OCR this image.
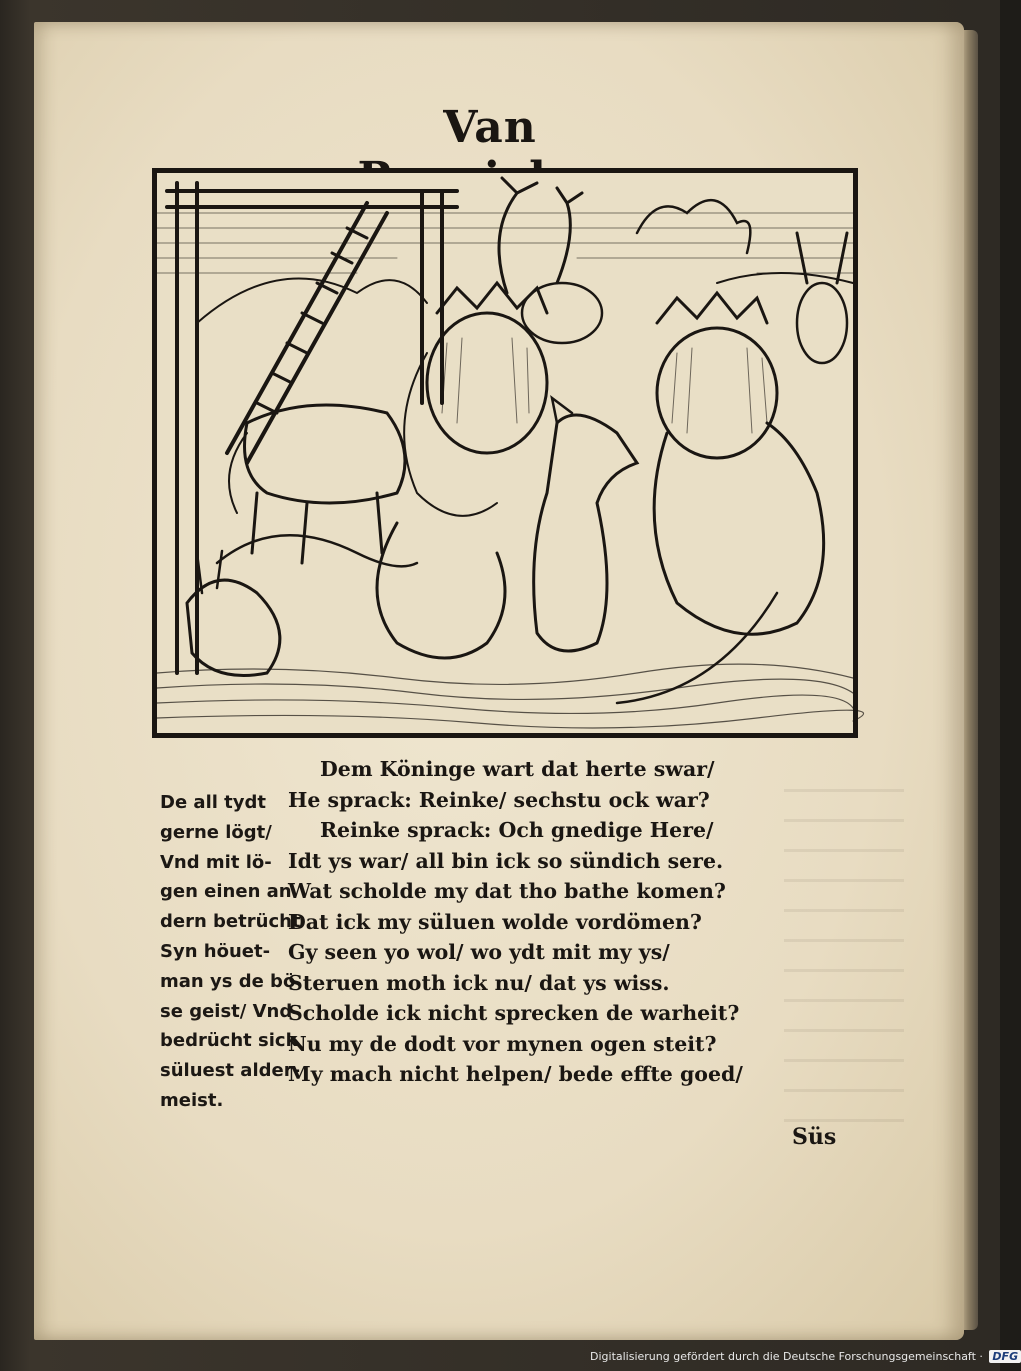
Van
De all tydt
gerne lögt/
Vnd mit lö-
gen einen an
dern betrücht
Syn höuet-
man ys de bö
se geist/ Vnd
bedrücht sick
süluest alder-
meist.
Dem Köninge wart dat herte swar/
He sprack: Reinke/ sechstu ock war?
Reinke sprack: Och gnedige Here/
Idt ys war/ all bin ick so sündich sere.
Wat scholde my dat tho bathe komen?
Dat ick my süluen wolde vordömen?
Gy seen yo wol/ wo ydt mit my ys/
Steruen moth ick nu/ dat ys wiss.
Scholde ick nicht sprecken de warheit?
Nu my de dodt vor mynen ogen steit?
My mach nicht helpen/ bede effte goed/
Süs
Digitalisierung gefördert durch die Deutsche Forschungsgemeinschaft · DFG
